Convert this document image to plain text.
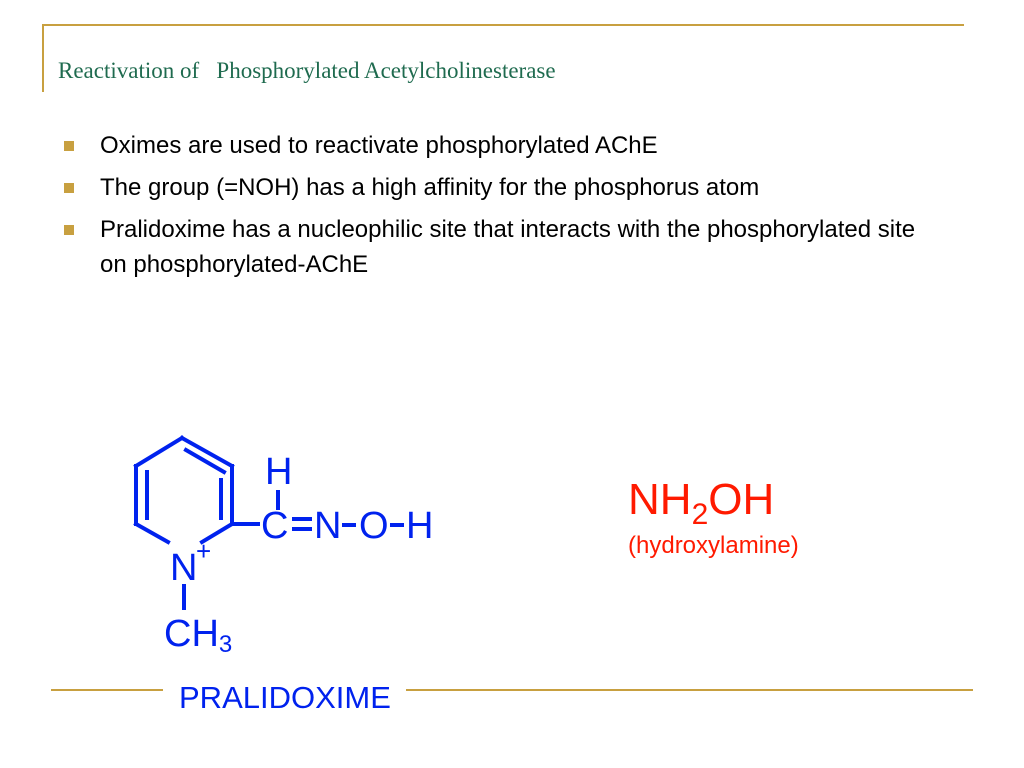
Reactivation of Phosphorylated Acetylcholinesterase
Oximes are used to reactivate phosphorylated AChE
The group (=NOH) has a high affinity for the phosphorus atom
Pralidoxime has a nucleophilic site that interacts with the phosphorylated site on phosphorylated-AChE
H
C N O H
N
+
CH3
$NH_2OH$
(hydroxylamine)
PRALIDOXIME
